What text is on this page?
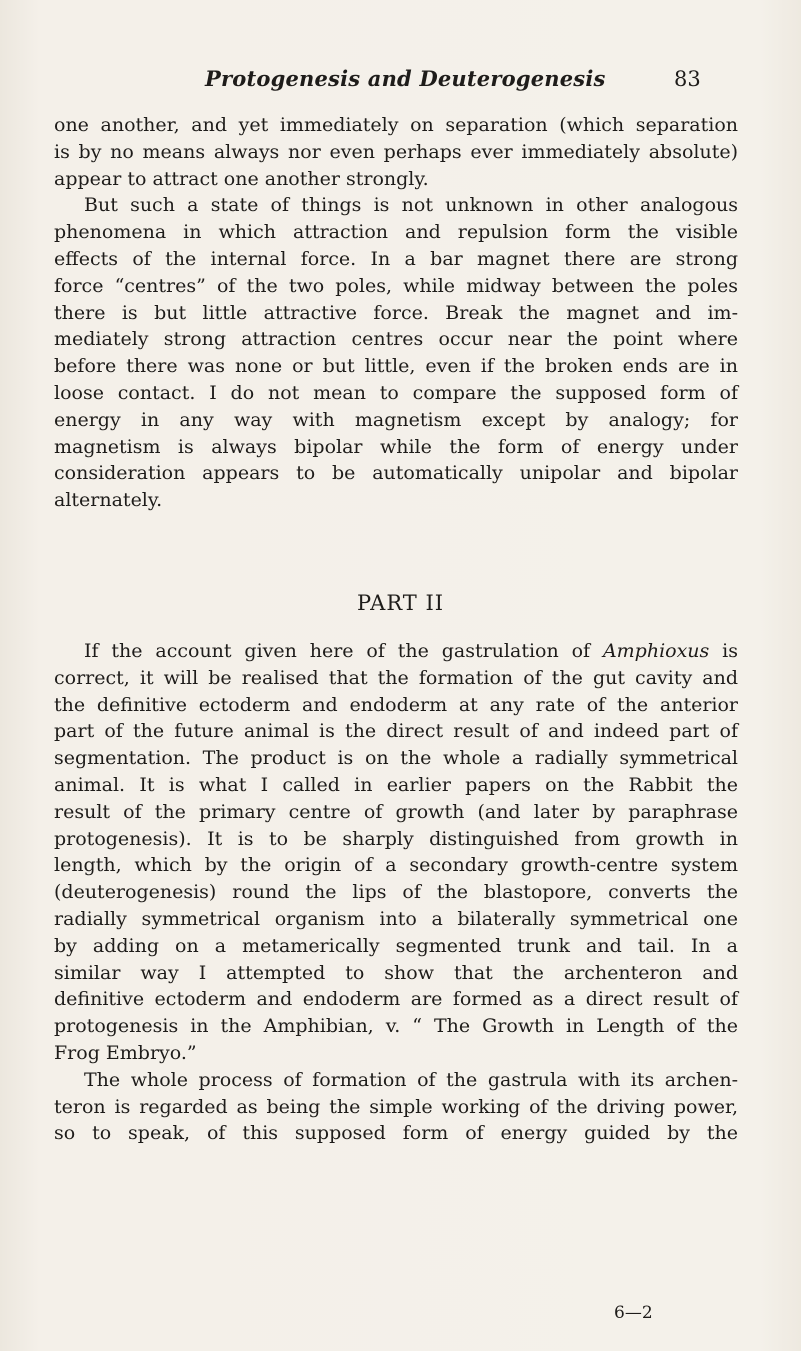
Protogenesis and Deuterogenesis	83
one another, and yet immediately on separation (which separation
is by no means always nor even perhaps ever immediately absolute)
appear to attract one another strongly.
But such a state of things is not unknown in other analogous
phenomena in which attraction and repulsion form the visible
effects of the internal force. In a bar magnet there are strong
force “centres” of the two poles, while midway between the poles
there is but little attractive force. Break the magnet and im-
mediately strong attraction centres occur near the point where
before there was none or but little, even if the broken ends are in
loose contact. I do not mean to compare the supposed form of
energy in any way with magnetism except by analogy; for
magnetism is always bipolar while the form of energy under
consideration appears to be automatically unipolar and bipolar
alternately.
PART II
If the account given here of the gastrulation of Amphioxus is
correct, it will be realised that the formation of the gut cavity and
the definitive ectoderm and endoderm at any rate of the anterior
part of the future animal is the direct result of and indeed part of
segmentation. The product is on the whole a radially symmetrical
animal. It is what I called in earlier papers on the Rabbit the
result of the primary centre of growth (and later by paraphrase
protogenesis). It is to be sharply distinguished from growth in
length, which by the origin of a secondary growth-centre system
(deuterogenesis) round the lips of the blastopore, converts the
radially symmetrical organism into a bilaterally symmetrical one
by adding on a metamerically segmented trunk and tail. In a
similar way I attempted to show that the archenteron and
definitive ectoderm and endoderm are formed as a direct result of
protogenesis in the Amphibian, v. “ The Growth in Length of the
Frog Embryo.”
The whole process of formation of the gastrula with its archen-
teron is regarded as being the simple working of the driving power,
so to speak, of this supposed form of energy guided by the
6—2
